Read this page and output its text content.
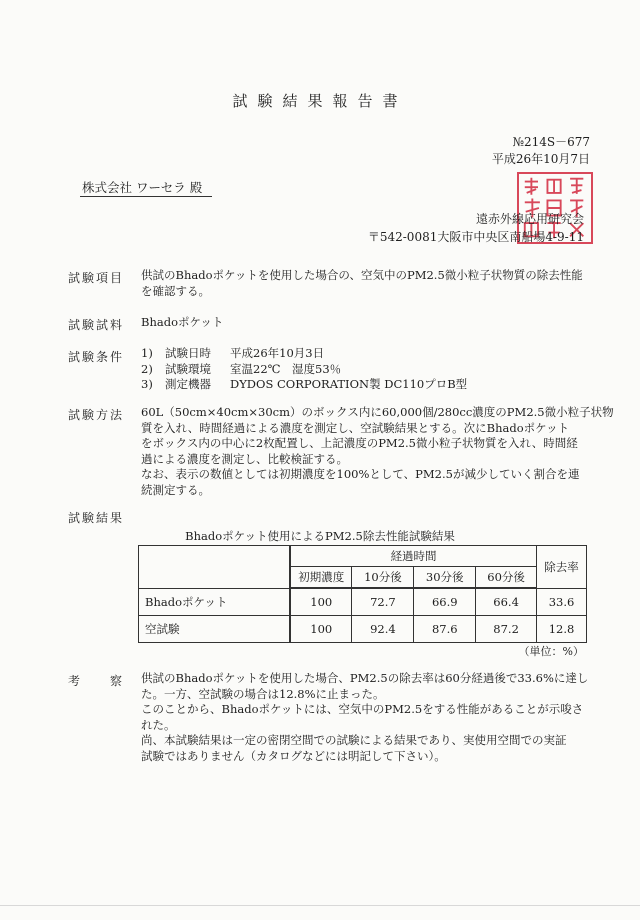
試験結果報告書
№214S－677
平成26年10月7日
株式会社 ワーセラ 殿
遠赤外線応用研究会
〒542-0081大阪市中央区南船場4-9-11
試験項目 供試のBhadoポケットを使用した場合の、空気中のPM2.5微小粒子状物質の除去性能
を確認する。
試験試料 Bhadoポケット
試験条件 1) 試験日時 平成26年10月3日
2) 試験環境 室温22℃　湿度53％
3) 測定機器 DYDOS CORPORATION製 DC110プロB型
試験方法 60L（50cm×40cm×30cm）のボックス内に60,000個/280cc濃度のPM2.5微小粒子状物
質を入れ、時間経過による濃度を測定し、空試験結果とする。次にBhadoポケット
をボックス内の中心に2枚配置し、上記濃度のPM2.5微小粒子状物質を入れ、時間経
過による濃度を測定し、比較検証する。
なお、表示の数値としては初期濃度を100%として、PM2.5が減少していく割合を連
続測定する。
試験結果
Bhadoポケット使用によるPM2.5除去性能試験結果
	経過時間				除去率
	初期濃度	10分後	30分後	60分後	
Bhadoポケット	100	72.7	66.9	66.4	33.6
空試験	100	92.4	87.6	87.2	12.8
（単位：%）
考　　察 供試のBhadoポケットを使用した場合、PM2.5の除去率は60分経過後で33.6%に達し
た。一方、空試験の場合は12.8%に止まった。
このことから、Bhadoポケットには、空気中のPM2.5をする性能があることが示唆さ
れた。
尚、本試験結果は一定の密閉空間での試験による結果であり、実使用空間での実証
試験ではありません（カタログなどには明記して下さい）。
